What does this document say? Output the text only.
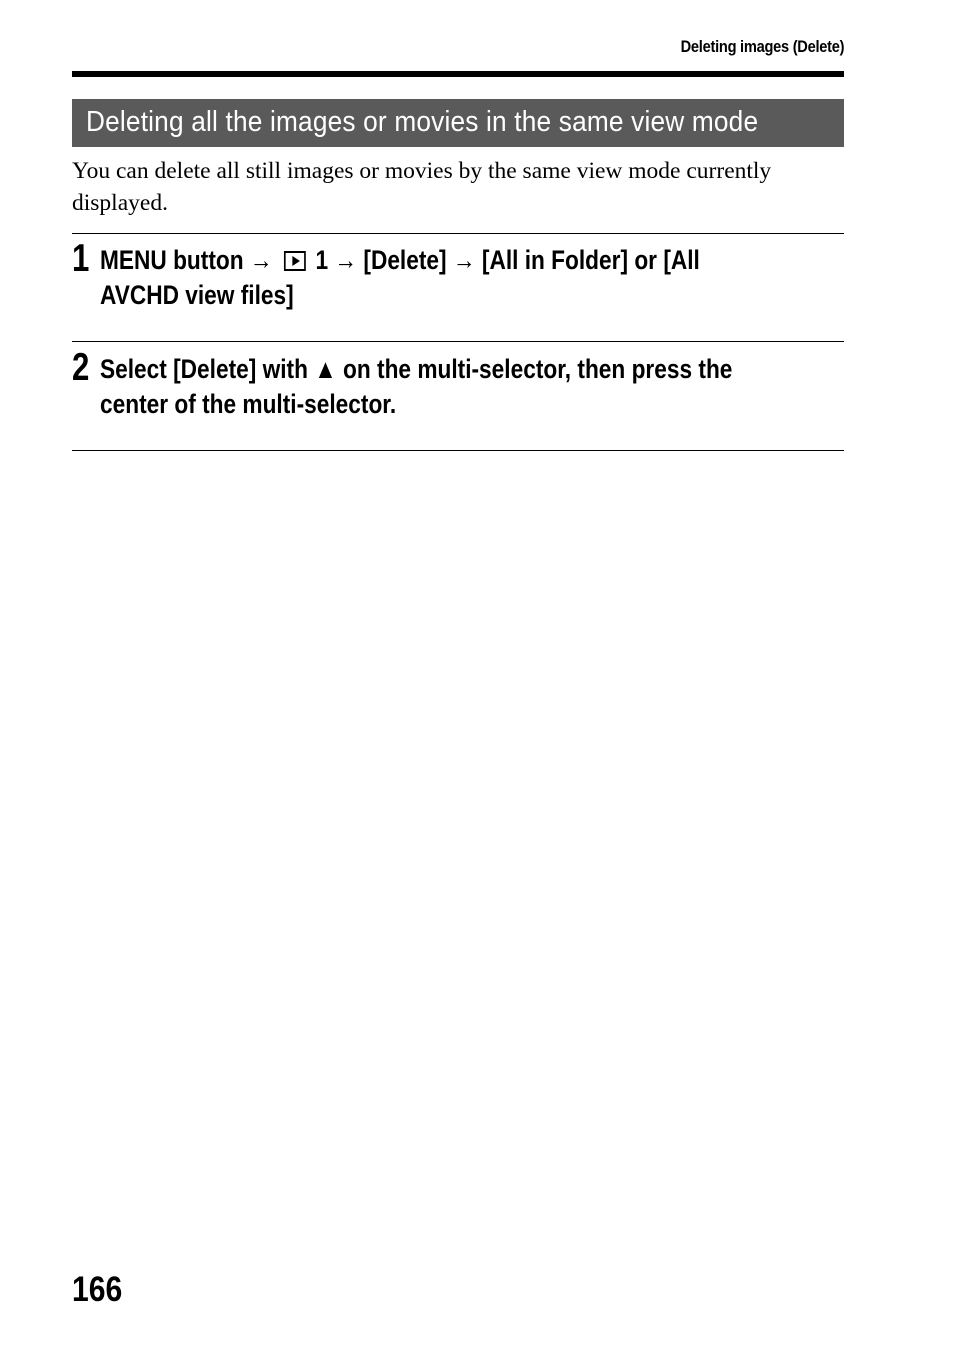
Deleting images (Delete)
Deleting all the images or movies in the same view mode

You can delete all still images or movies by the same view mode currently displayed.

1 MENU button → 1 → [Delete] → [All in Folder] or [All
AVCHD view files]
2 Select [Delete] with ▲ on the multi-selector, then press the
center of the multi-selector.
166
